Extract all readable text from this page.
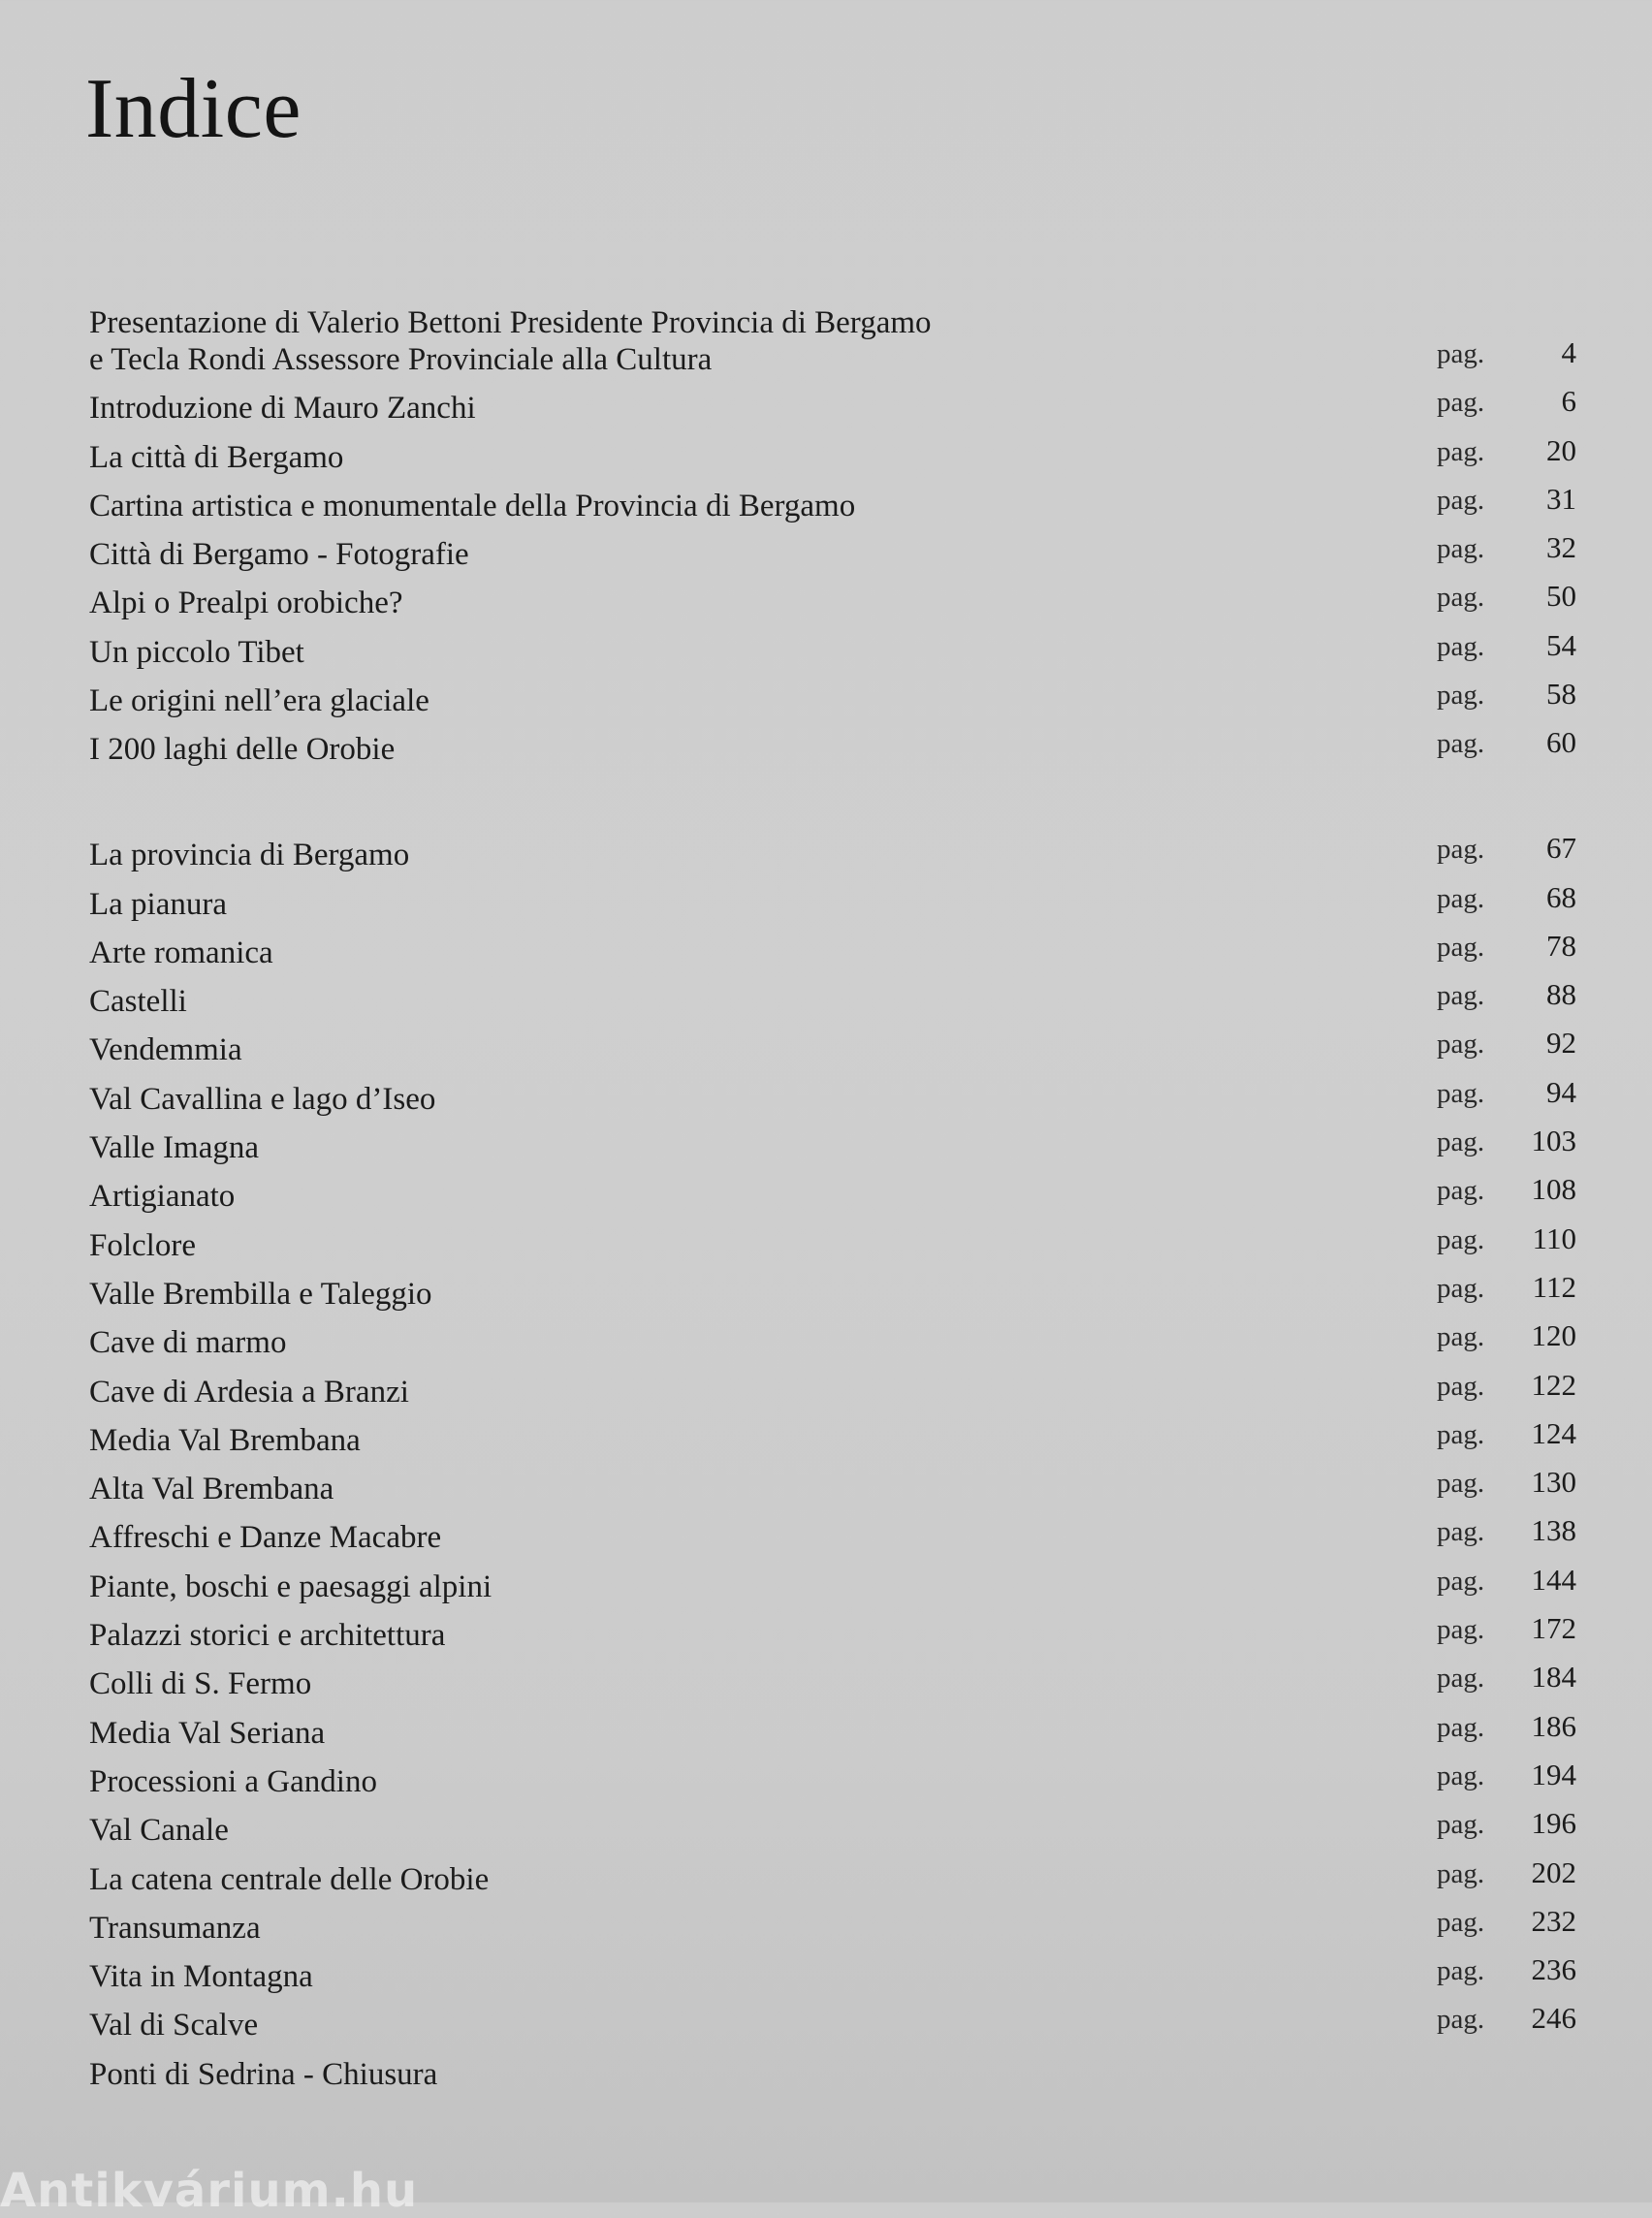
Indice
Presentazione di Valerio Bettoni Presidente Provincia di Bergamo
e Tecla Rondi Assessore Provinciale alla Cultura	pag.	4
Introduzione di Mauro Zanchi	pag.	6
La città di Bergamo	pag. 20
Cartina artistica e monumentale della Provincia di Bergamo	pag. 31
Città di Bergamo - Fotografie	pag. 32
Alpi o Prealpi orobiche?	pag. 50
Un piccolo Tibet	pag. 54
Le origini nell’era glaciale	pag. 58
I 200 laghi delle Orobie	pag. 60
La provincia di Bergamo	pag. 67
La pianura	pag. 68
Arte romanica	pag. 78
Castelli	pag. 88
Vendemmia	pag. 92
Val Cavallina e lago d’Iseo	pag. 94
Valle Imagna	pag. 103
Artigianato	pag. 108
Folclore	pag. 110
Valle Brembilla e Taleggio	pag. 112
Cave di marmo	pag. 120
Cave di Ardesia a Branzi	pag. 122
Media Val Brembana	pag. 124
Alta Val Brembana	pag. 130
Affreschi e Danze Macabre	pag. 138
Piante, boschi e paesaggi alpini	pag. 144
Palazzi storici e architettura	pag. 172
Colli di S. Fermo	pag. 184
Media Val Seriana	pag. 186
Processioni a Gandino	pag. 194
Val Canale	pag. 196
La catena centrale delle Orobie	pag. 202
Transumanza	pag. 232
Vita in Montagna	pag. 236
Val di Scalve	pag. 246
Ponti di Sedrina - Chiusura
Antikvárium.hu
